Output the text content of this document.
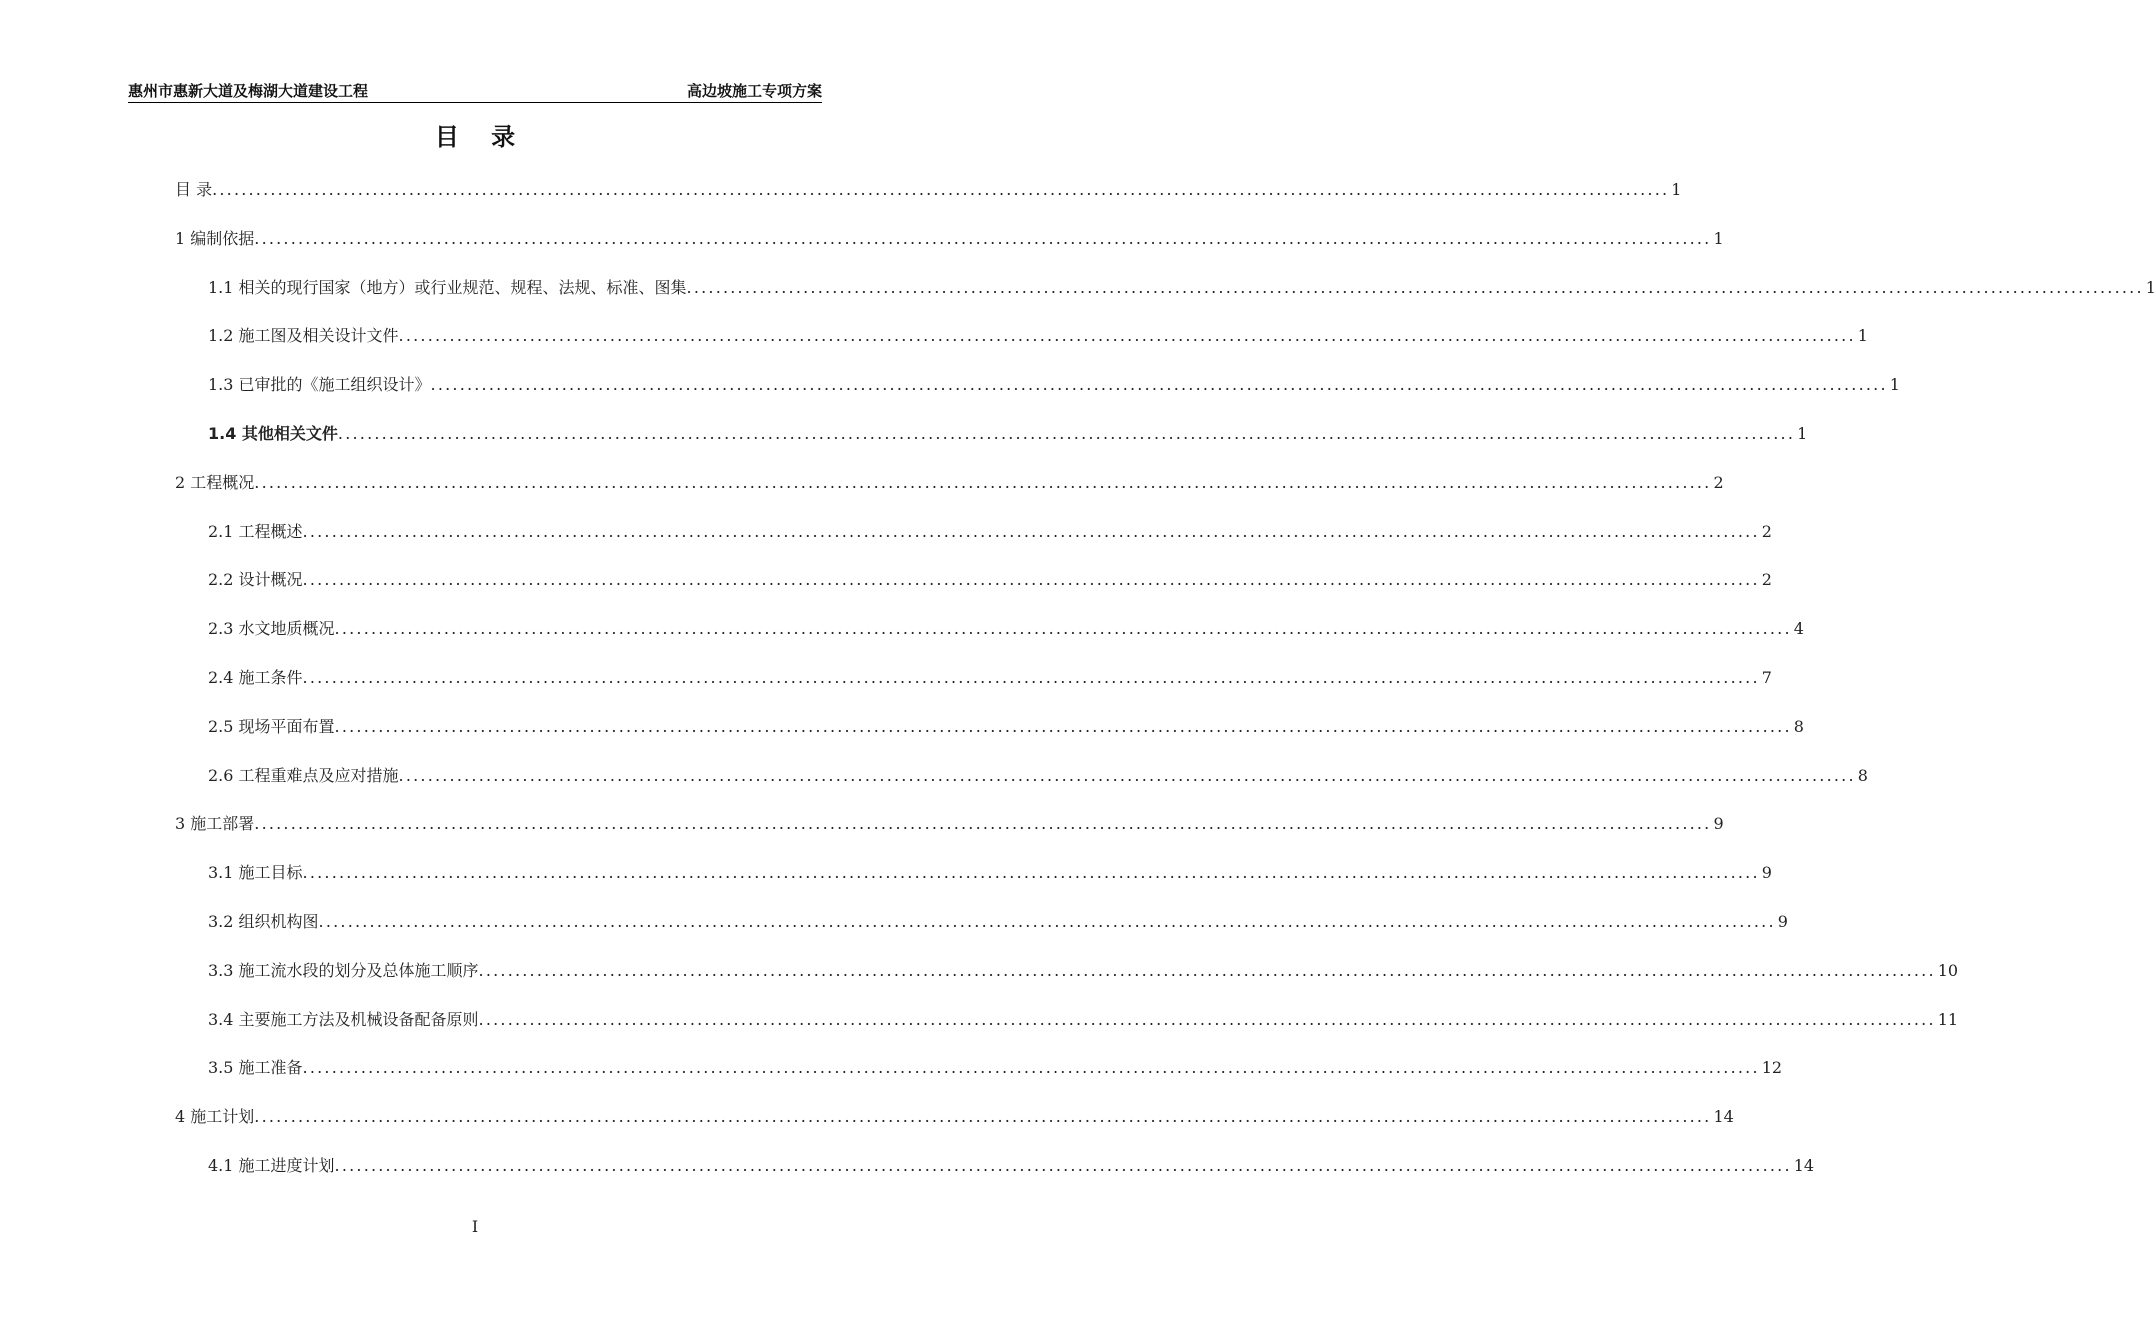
惠州市惠新大道及梅湖大道建设工程	高边坡施工专项方案
目 录
目 录 ........................................................................................................................................................................................................ 1
1 编制依据 ........................................................................................................................................................................................................ 1
1.1 相关的现行国家（地方）或行业规范、规程、法规、标准、图集 ........................................................................................................................................................................................................ 1
1.2 施工图及相关设计文件 ........................................................................................................................................................................................................ 1
1.3 已审批的《施工组织设计》 ........................................................................................................................................................................................................ 1
1.4 其他相关文件 ........................................................................................................................................................................................................ 1
2 工程概况 ........................................................................................................................................................................................................ 2
2.1 工程概述 ........................................................................................................................................................................................................ 2
2.2 设计概况 ........................................................................................................................................................................................................ 2
2.3 水文地质概况 ........................................................................................................................................................................................................ 4
2.4 施工条件 ........................................................................................................................................................................................................ 7
2.5 现场平面布置 ........................................................................................................................................................................................................ 8
2.6 工程重难点及应对措施 ........................................................................................................................................................................................................ 8
3 施工部署 ........................................................................................................................................................................................................ 9
3.1 施工目标 ........................................................................................................................................................................................................ 9
3.2 组织机构图 ........................................................................................................................................................................................................ 9
3.3 施工流水段的划分及总体施工顺序 ........................................................................................................................................................................................................ 10
3.4 主要施工方法及机械设备配备原则 ........................................................................................................................................................................................................ 11
3.5 施工准备 ........................................................................................................................................................................................................ 12
4 施工计划 ........................................................................................................................................................................................................ 14
4.1 施工进度计划 ........................................................................................................................................................................................................ 14
I
